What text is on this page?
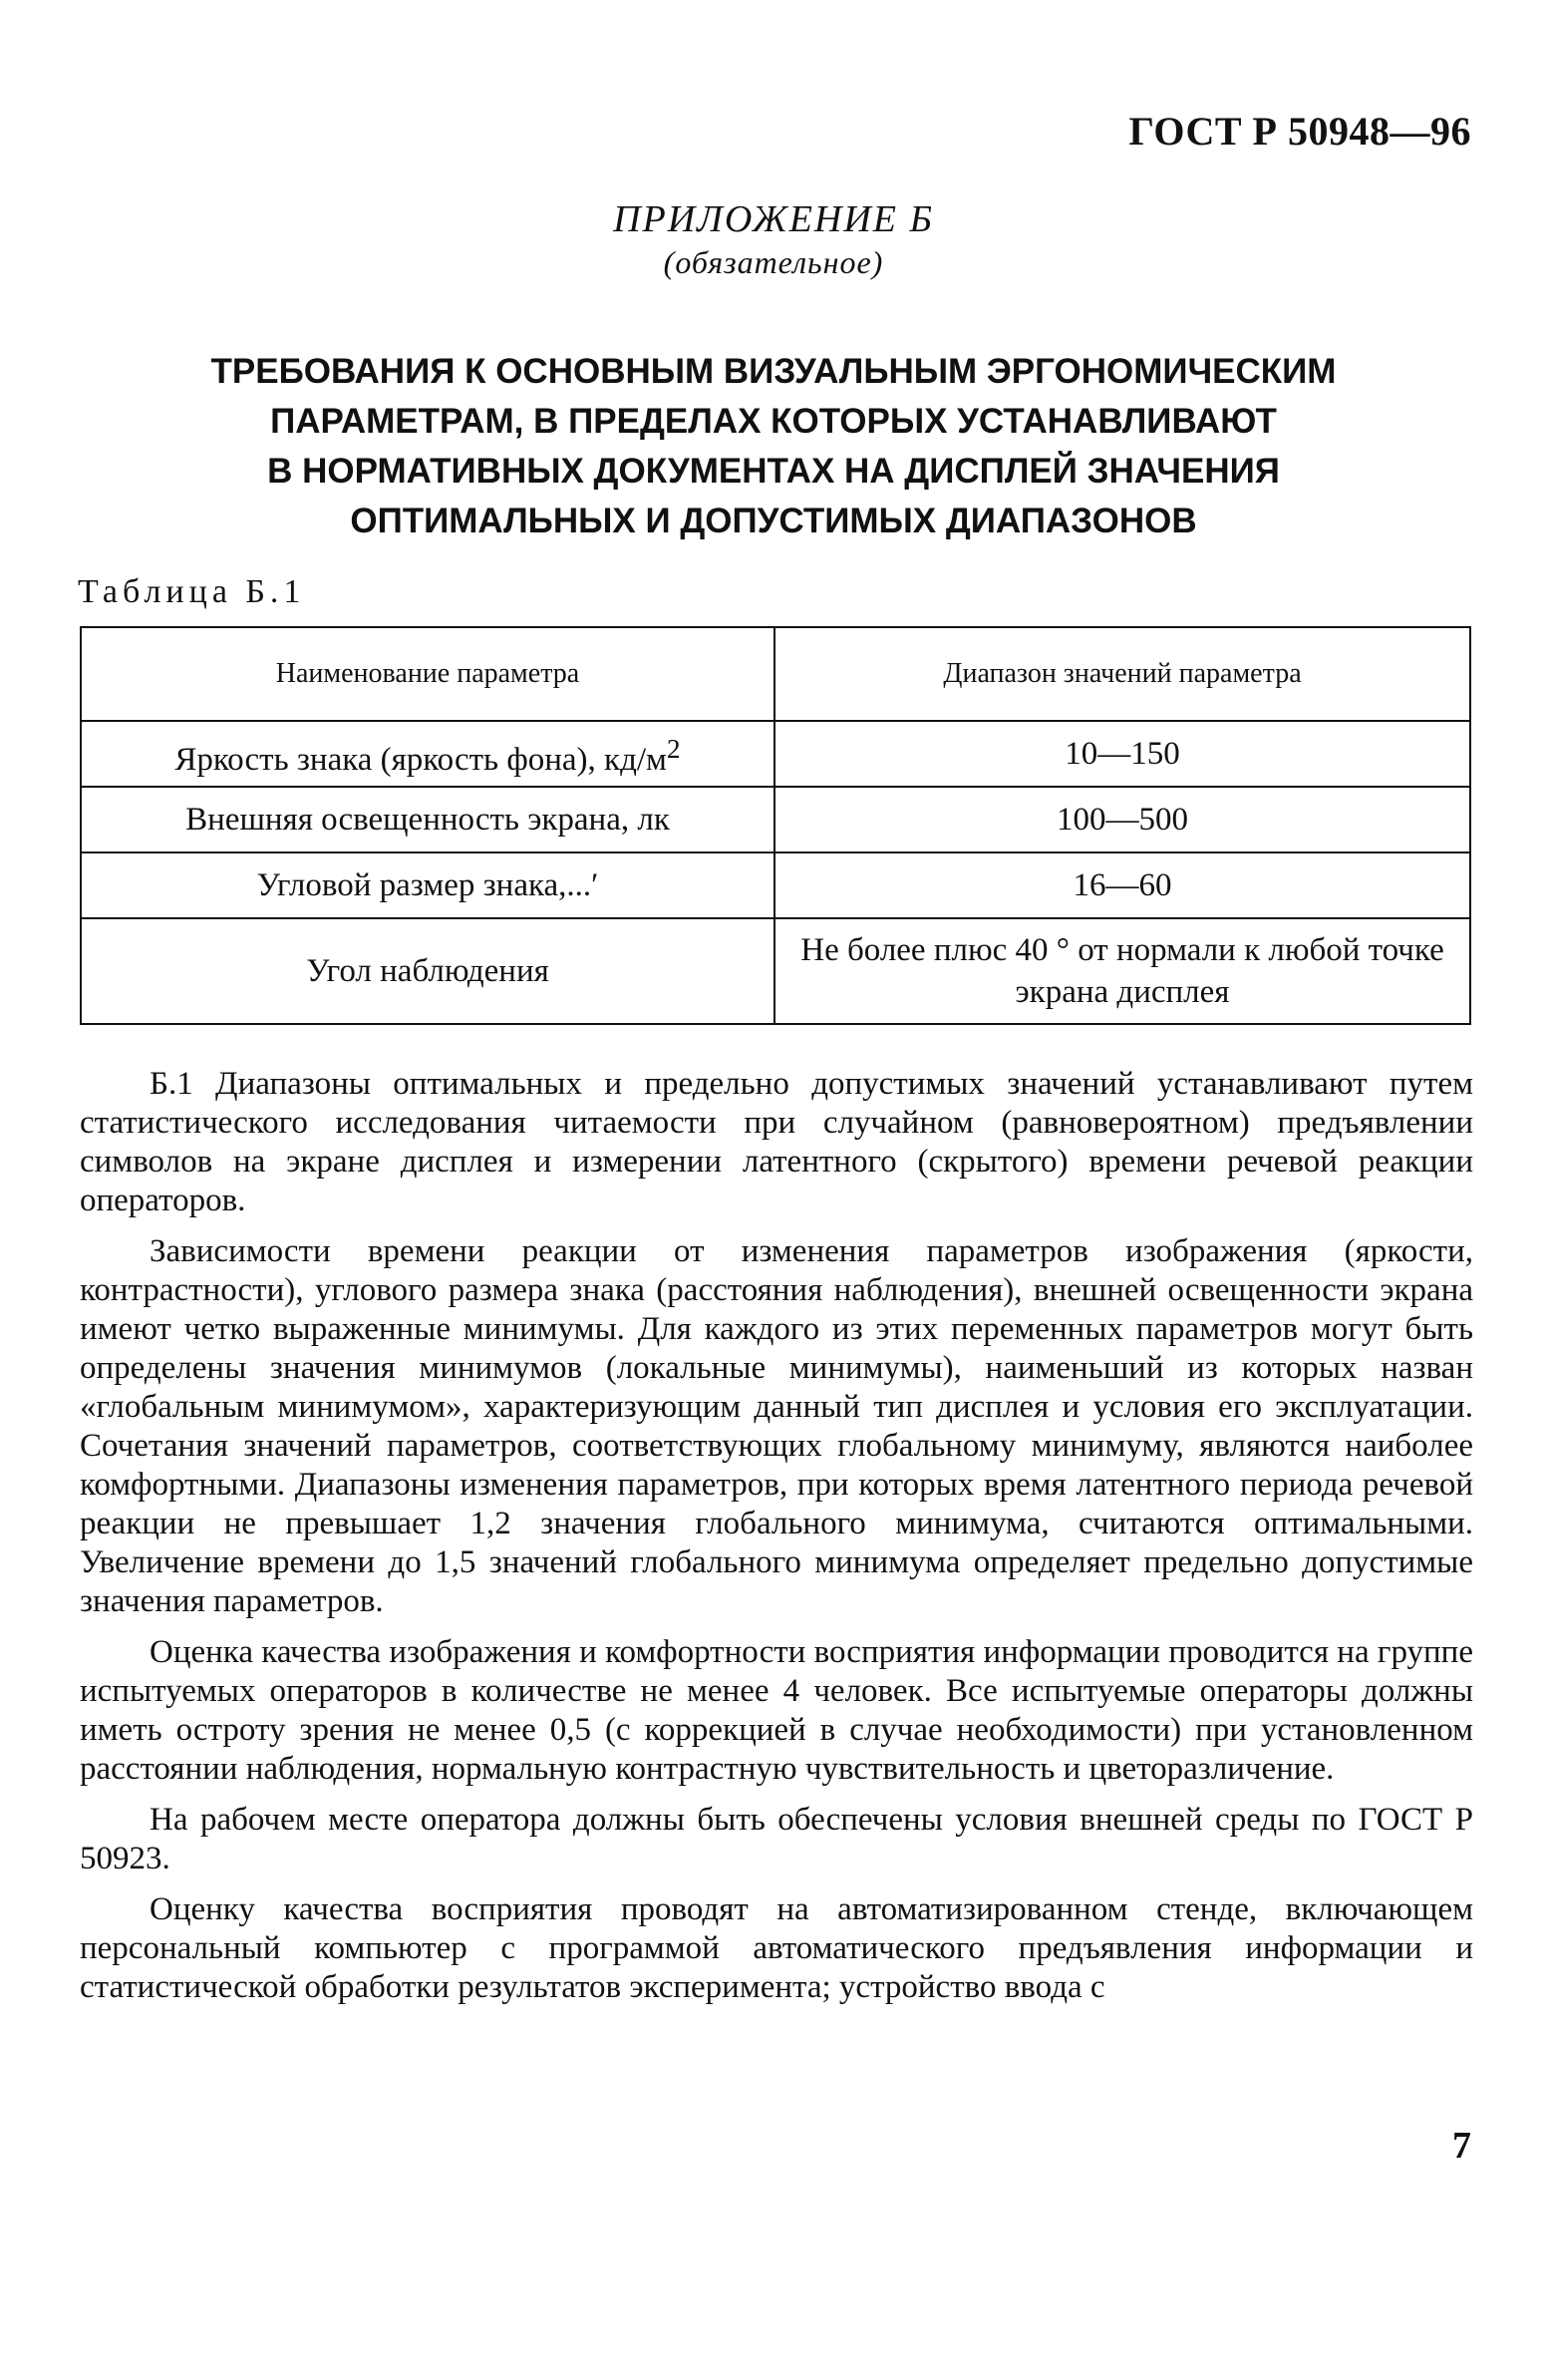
ГОСТ Р 50948—96
ПРИЛОЖЕНИЕ Б
(обязательное)
ТРЕБОВАНИЯ К ОСНОВНЫМ ВИЗУАЛЬНЫМ ЭРГОНОМИЧЕСКИМ
ПАРАМЕТРАМ, В ПРЕДЕЛАХ КОТОРЫХ УСТАНАВЛИВАЮТ
В НОРМАТИВНЫХ ДОКУМЕНТАХ НА ДИСПЛЕЙ ЗНАЧЕНИЯ
ОПТИМАЛЬНЫХ И ДОПУСТИМЫХ ДИАПАЗОНОВ
Таблица Б.1
Наименование параметра	Диапазон значений параметра
Яркость знака (яркость фона), $кд/м^2$	10—150
Внешняя освещенность экрана, лк	100—500
Угловой размер знака,...′	16—60
Угол наблюдения	Не более плюс 40 ° от нормали к любой точке экрана дисплея

Б.1 Диапазоны оптимальных и предельно допустимых значений устанавливают путем статистического исследования читаемости при случайном (равновероятном) предъявлении символов на экране дисплея и измерении латентного (скрытого) времени речевой реакции операторов.

Зависимости времени реакции от изменения параметров изображения (яркости, контрастности), углового размера знака (расстояния наблюдения), внешней освещенности экрана имеют четко выраженные минимумы. Для каждого из этих переменных параметров могут быть определены значения минимумов (локальные минимумы), наименьший из которых назван «глобальным минимумом», характеризующим данный тип дисплея и условия его эксплуатации. Сочетания значений параметров, соответствующих глобальному минимуму, являются наиболее комфортными. Диапазоны изменения параметров, при которых время латентного периода речевой реакции не превышает 1,2 значения глобального минимума, считаются оптимальными. Увеличение времени до 1,5 значений глобального минимума определяет предельно допустимые значения параметров.

Оценка качества изображения и комфортности восприятия информации проводится на группе испытуемых операторов в количестве не менее 4 человек. Все испытуемые операторы должны иметь остроту зрения не менее 0,5 (с коррекцией в случае необходимости) при установленном расстоянии наблюдения, нормальную контрастную чувствительность и цветоразличение.

На рабочем месте оператора должны быть обеспечены условия внешней среды по ГОСТ Р 50923.

Оценку качества восприятия проводят на автоматизированном стенде, включающем персональный компьютер с программой автоматического предъявления информации и статистической обработки результатов эксперимента; устройство ввода с

7
